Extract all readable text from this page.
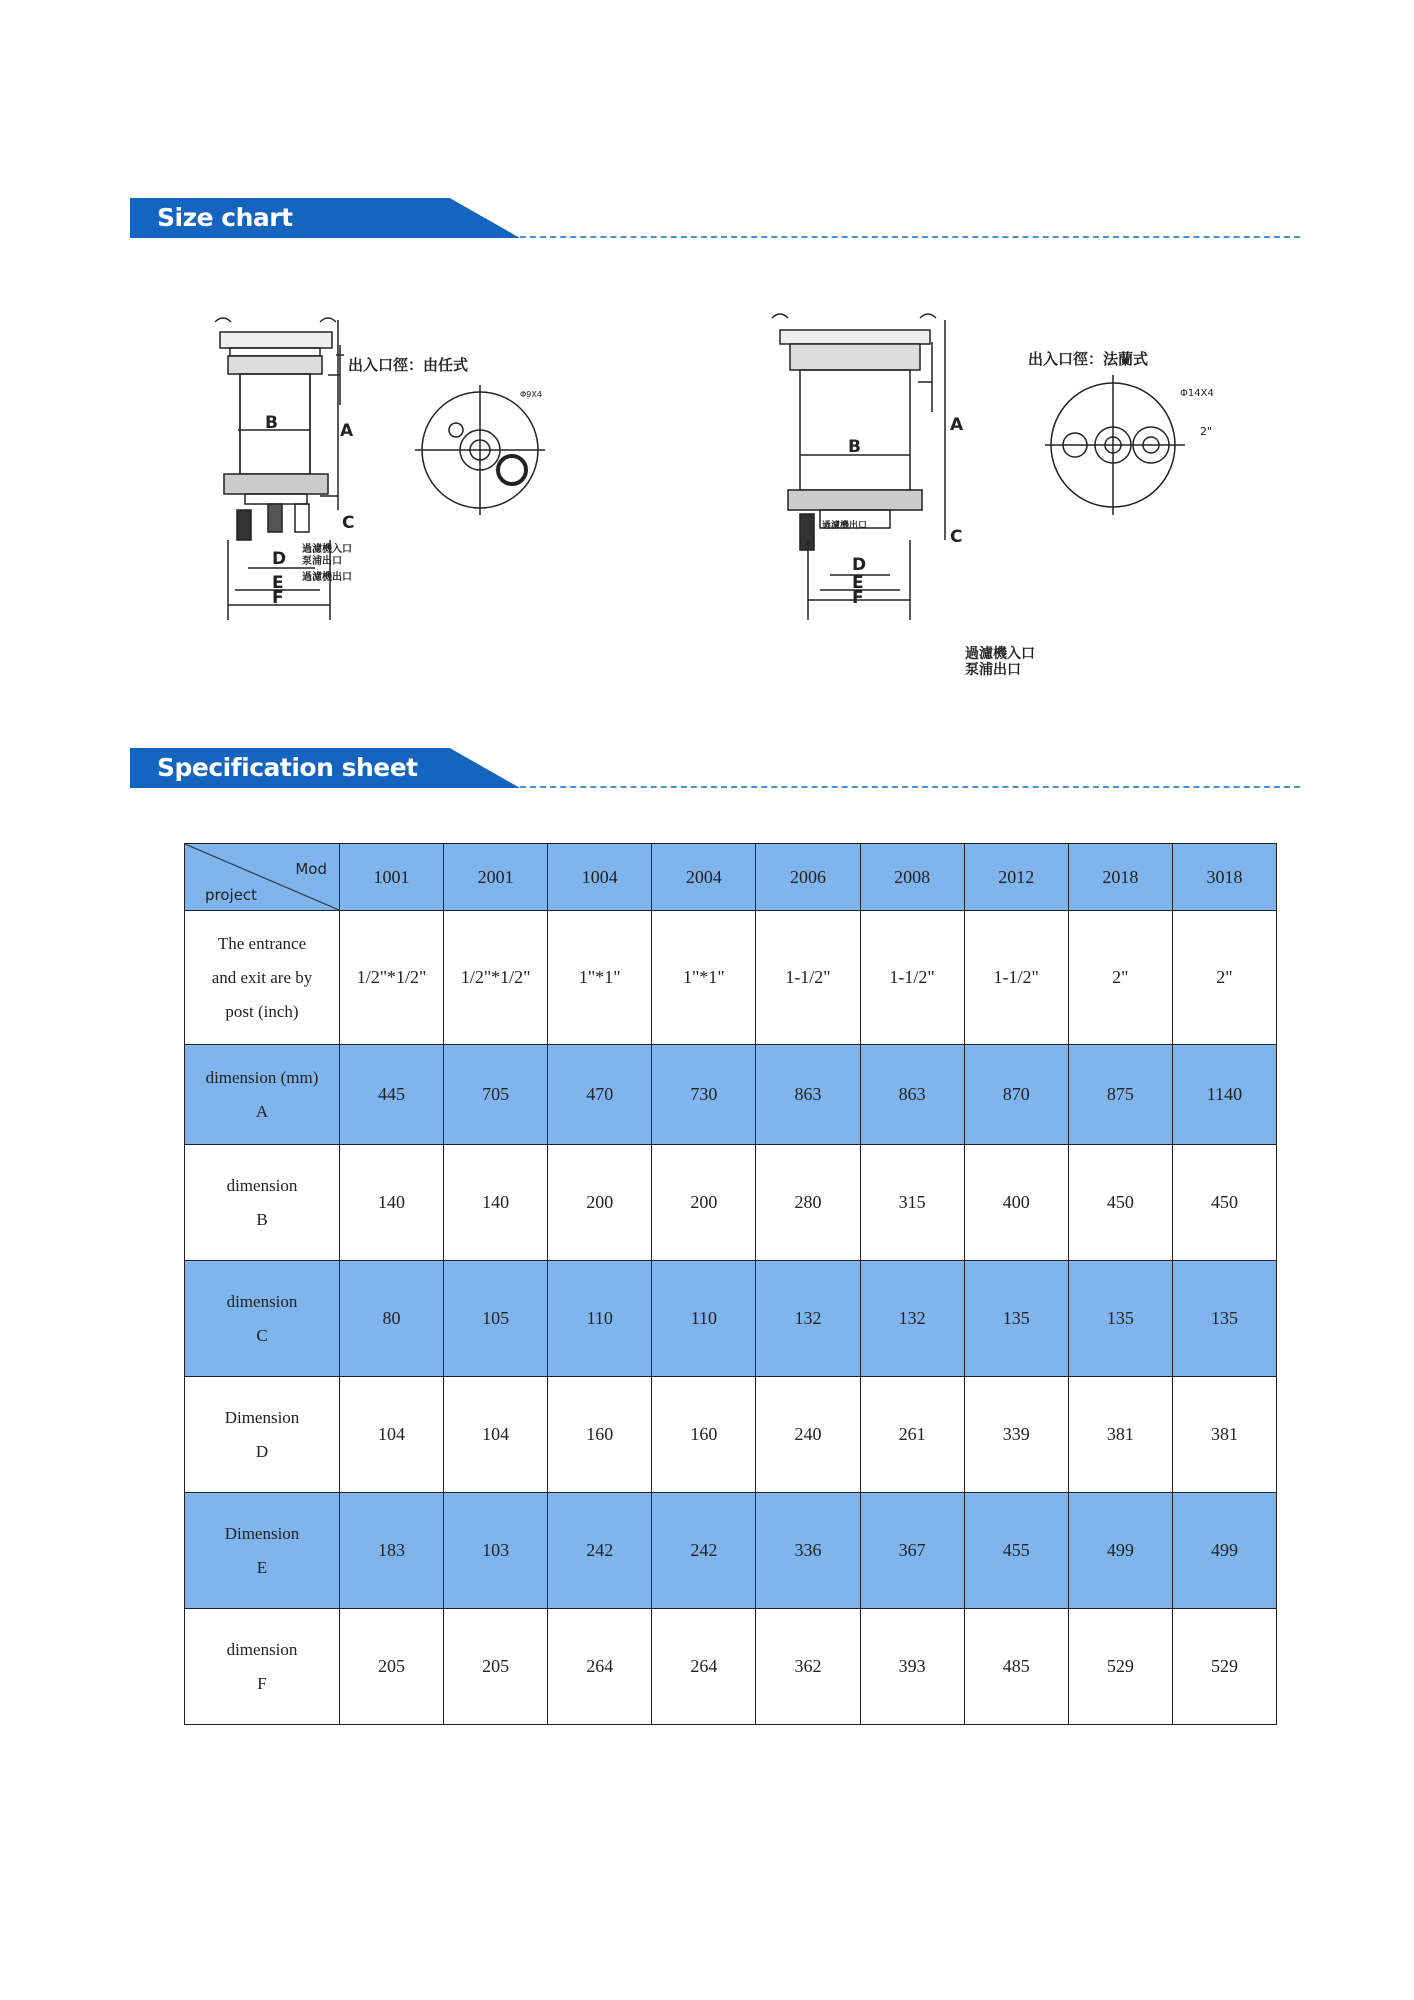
Size chart
B	A
C
D
E
F
出入口徑：由任式
Φ9X4
過濾機入口
泵浦出口
過濾機出口
B
A
C
D
E
F
出入口徑：法蘭式
Φ14X4
2"
過濾機出口
過濾機入口
泵浦出口
Specification sheet
Mod
project	1001	2001	1004	2004	2006	2008	2012	2018	3018

The entrance
and exit are by
post (inch)	1/2"*1/2"	1/2"*1/2"	1"*1"	1"*1"	1-1/2"	1-1/2"	1-1/2"	2"	2"

dimension (mm)
A	445	705	470	730	863	863	870	875	1140

dimension
B	140	140	200	200	280	315	400	450	450

dimension
C	80	105	110	110	132	132	135	135	135

Dimension
D	104	104	160	160	240	261	339	381	381

Dimension
E	183	103	242	242	336	367	455	499	499

dimension
F	205	205	264	264	362	393	485	529	529
